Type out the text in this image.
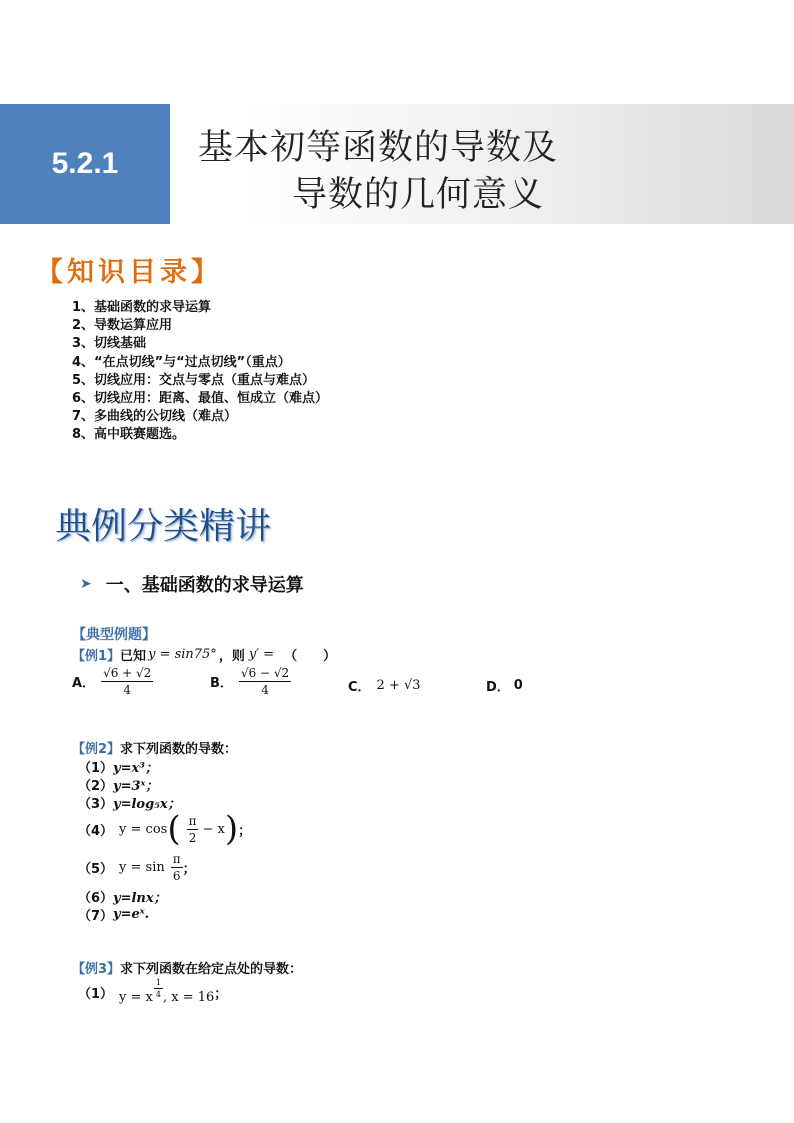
5.2.1 基本初等函数的导数及
导数的几何意义
【知识目录】
1、基础函数的求导运算
2、导数运算应用
3、切线基础
4、“在点切线”与“过点切线”（重点）
5、切线应用：交点与零点（重点与难点）
6、切线应用：距离、最值、恒成立（难点）
7、多曲线的公切线（难点）
8、高中联赛题选。
典例分类精讲
➤ 一、基础函数的求导运算
【典型例题】
【例1】 已知 y = sin75° ，则 y′ = （　　）
A． $\frac{√6 + √2}{4}$	B． $\frac{√6 - √2}{4}$	C． 2 + √3	D． 0
【例2】 求下列函数的导数：
（1） y=x³；
（2） y=3ˣ；
（3） y=log₅x；
（4） y = cos ( $\frac{\pi}{2} - x$ ) ；
（5） $y = \sin \frac{\pi}{6}$ ；
（6） y=lnx；
（7） y=eˣ.
【例3】 求下列函数在给定点处的导数：
（1） y = x $\frac{1}{4}$ , x = 16 ；
